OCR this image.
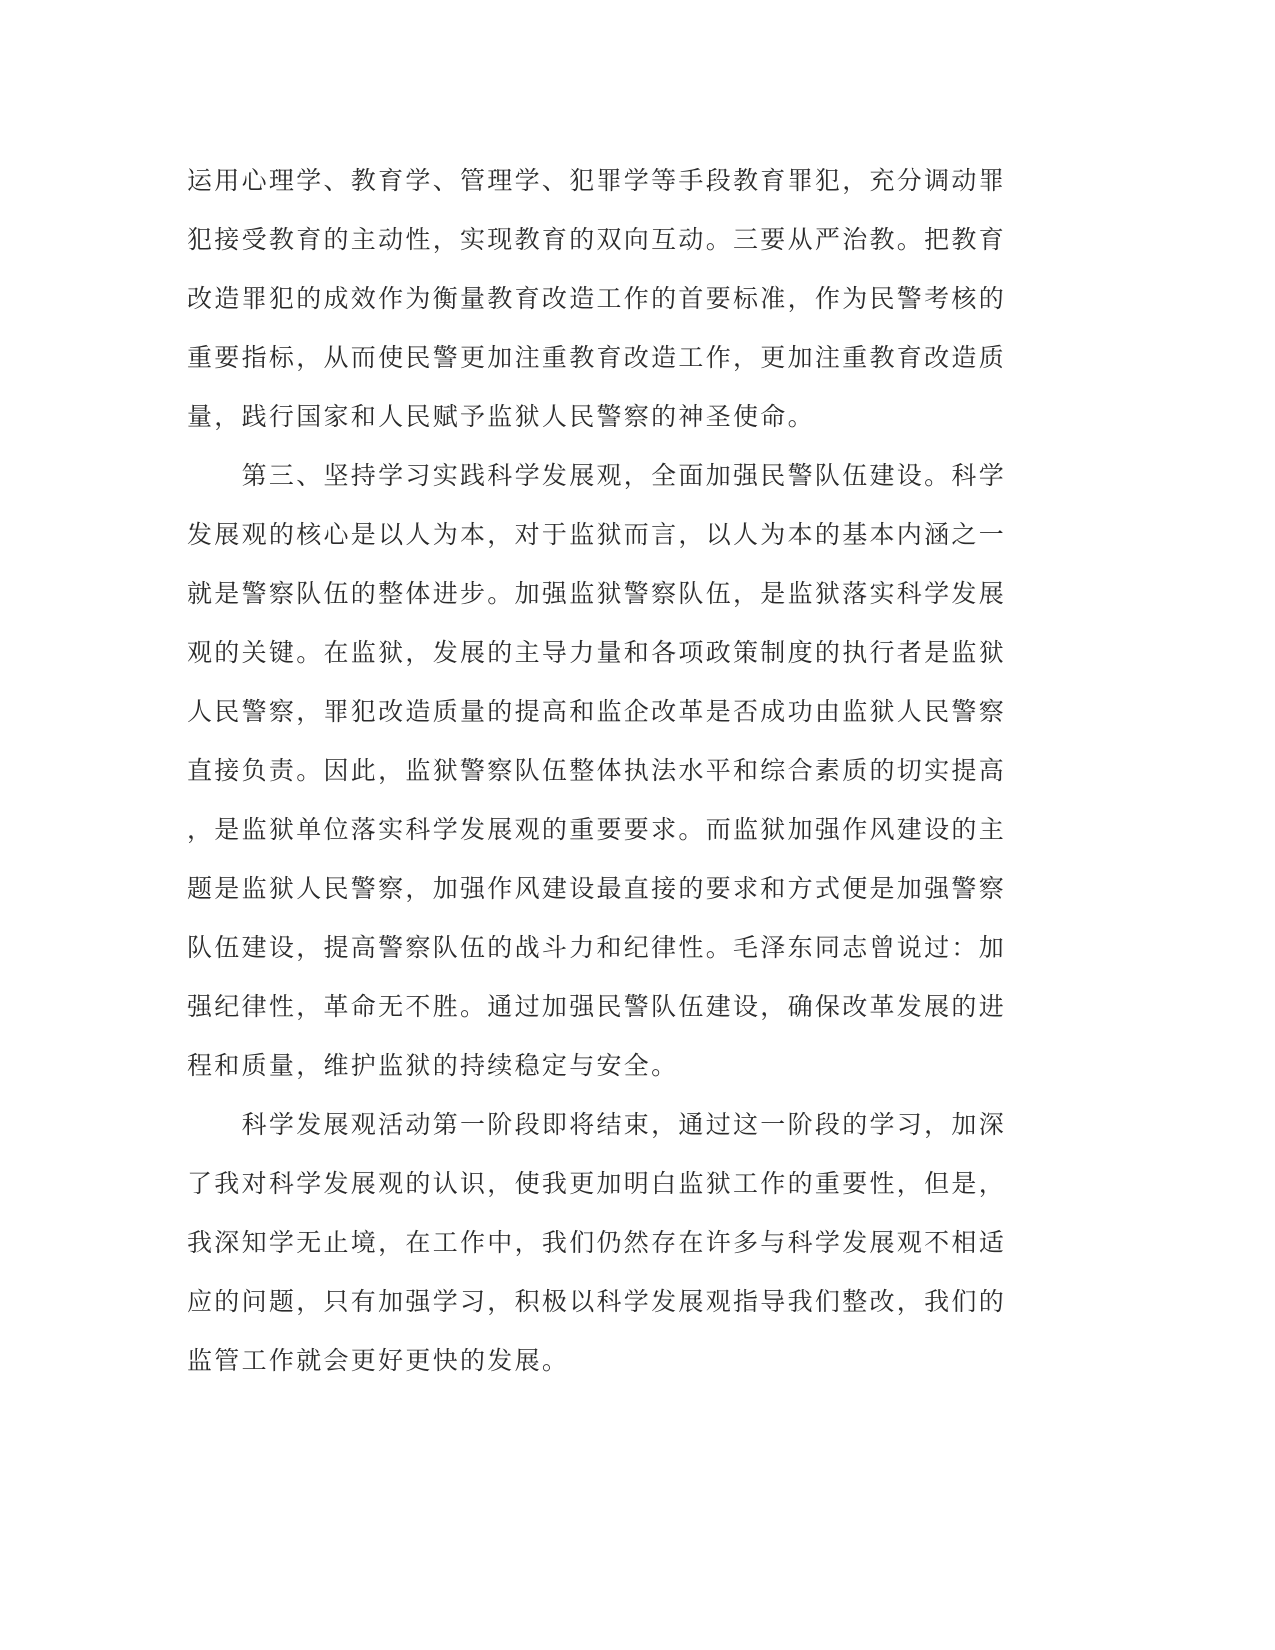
运用心理学、教育学、管理学、犯罪学等手段教育罪犯，充分调动罪
犯接受教育的主动性，实现教育的双向互动。三要从严治教。把教育
改造罪犯的成效作为衡量教育改造工作的首要标准，作为民警考核的
重要指标，从而使民警更加注重教育改造工作，更加注重教育改造质
量，践行国家和人民赋予监狱人民警察的神圣使命。
　　第三、坚持学习实践科学发展观，全面加强民警队伍建设。科学
发展观的核心是以人为本，对于监狱而言，以人为本的基本内涵之一
就是警察队伍的整体进步。加强监狱警察队伍，是监狱落实科学发展
观的关键。在监狱，发展的主导力量和各项政策制度的执行者是监狱
人民警察，罪犯改造质量的提高和监企改革是否成功由监狱人民警察
直接负责。因此，监狱警察队伍整体执法水平和综合素质的切实提高
，是监狱单位落实科学发展观的重要要求。而监狱加强作风建设的主
题是监狱人民警察，加强作风建设最直接的要求和方式便是加强警察
队伍建设，提高警察队伍的战斗力和纪律性。毛泽东同志曾说过：加
强纪律性，革命无不胜。通过加强民警队伍建设，确保改革发展的进
程和质量，维护监狱的持续稳定与安全。
　　科学发展观活动第一阶段即将结束，通过这一阶段的学习，加深
了我对科学发展观的认识，使我更加明白监狱工作的重要性，但是，
我深知学无止境，在工作中，我们仍然存在许多与科学发展观不相适
应的问题，只有加强学习，积极以科学发展观指导我们整改，我们的
监管工作就会更好更快的发展。
